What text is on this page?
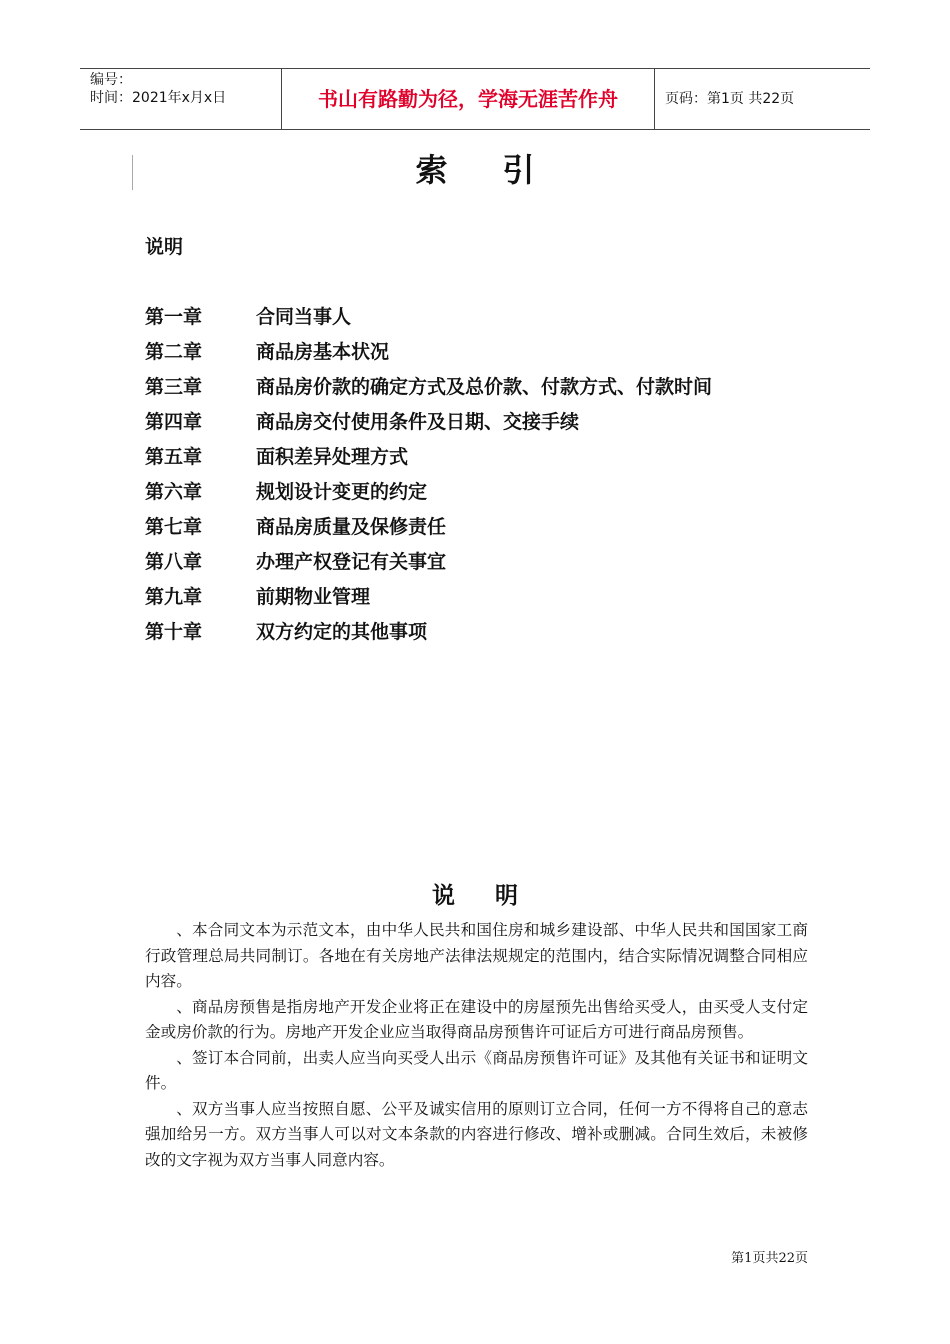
编号：
时间：2021年x月x日	书山有路勤为径，学海无涯苦作舟	页码：第1页 共22页
索引
说明
第一章	合同当事人
第二章	商品房基本状况
第三章	商品房价款的确定方式及总价款、付款方式、付款时间
第四章	商品房交付使用条件及日期、交接手续
第五章	面积差异处理方式
第六章	规划设计变更的约定
第七章	商品房质量及保修责任
第八章	办理产权登记有关事宜
第九章	前期物业管理
第十章	双方约定的其他事项
说明

、本合同文本为示范文本，由中华人民共和国住房和城乡建设部、中华人民共和国国家工商行政管理总局共同制订。各地在有关房地产法律法规规定的范围内，结合实际情况调整合同相应内容。

、商品房预售是指房地产开发企业将正在建设中的房屋预先出售给买受人，由买受人支付定金或房价款的行为。房地产开发企业应当取得商品房预售许可证后方可进行商品房预售。

、签订本合同前，出卖人应当向买受人出示《商品房预售许可证》及其他有关证书和证明文件。

、双方当事人应当按照自愿、公平及诚实信用的原则订立合同，任何一方不得将自己的意志强加给另一方。双方当事人可以对文本条款的内容进行修改、增补或删减。合同生效后，未被修改的文字视为双方当事人同意内容。

第1页共22页
